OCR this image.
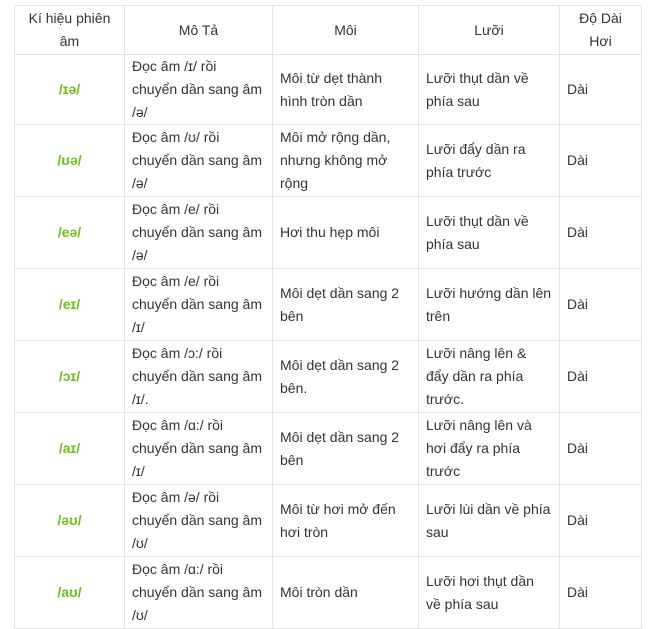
Kí hiệu phiên âm	Mô Tả	Môi	Lưỡi	Độ Dài Hơi
/ɪə/	Đọc âm /ɪ/ rồi chuyển dần sang âm /ə/	Môi từ dẹt thành hình tròn dần	Lưỡi thụt dần về phía sau	Dài
/ʊə/	Đọc âm /ʊ/ rồi chuyển dần sang âm /ə/	Môi mở rộng dần, nhưng không mở rộng	Lưỡi đẩy dần ra phía trước	Dài
/eə/	Đọc âm /e/ rồi chuyển dần sang âm /ə/	Hơi thu hẹp môi	Lưỡi thụt dần về phía sau	Dài
/eɪ/	Đọc âm /e/ rồi chuyển dần sang âm /ɪ/	Môi dẹt dần sang 2 bên	Lưỡi hướng dần lên trên	Dài
/ɔɪ/	Đọc âm /ɔ:/ rồi chuyển dần sang âm /ɪ/.	Môi dẹt dần sang 2 bên.	Lưỡi nâng lên & đẩy dần ra phía trước.	Dài
/aɪ/	Đọc âm /ɑ:/ rồi chuyển dần sang âm /ɪ/	Môi dẹt dần sang 2 bên	Lưỡi nâng lên và hơi đẩy ra phía trước	Dài
/əʊ/	Đọc âm /ə/ rồi chuyển dần sang âm /ʊ/	Môi từ hơi mở đến hơi tròn	Lưỡi lùi dần về phía sau	Dài
/aʊ/	Đọc âm /ɑ:/ rồi chuyển dần sang âm /ʊ/	Môi tròn dần	Lưỡi hơi thụt dần về phía sau	Dài
